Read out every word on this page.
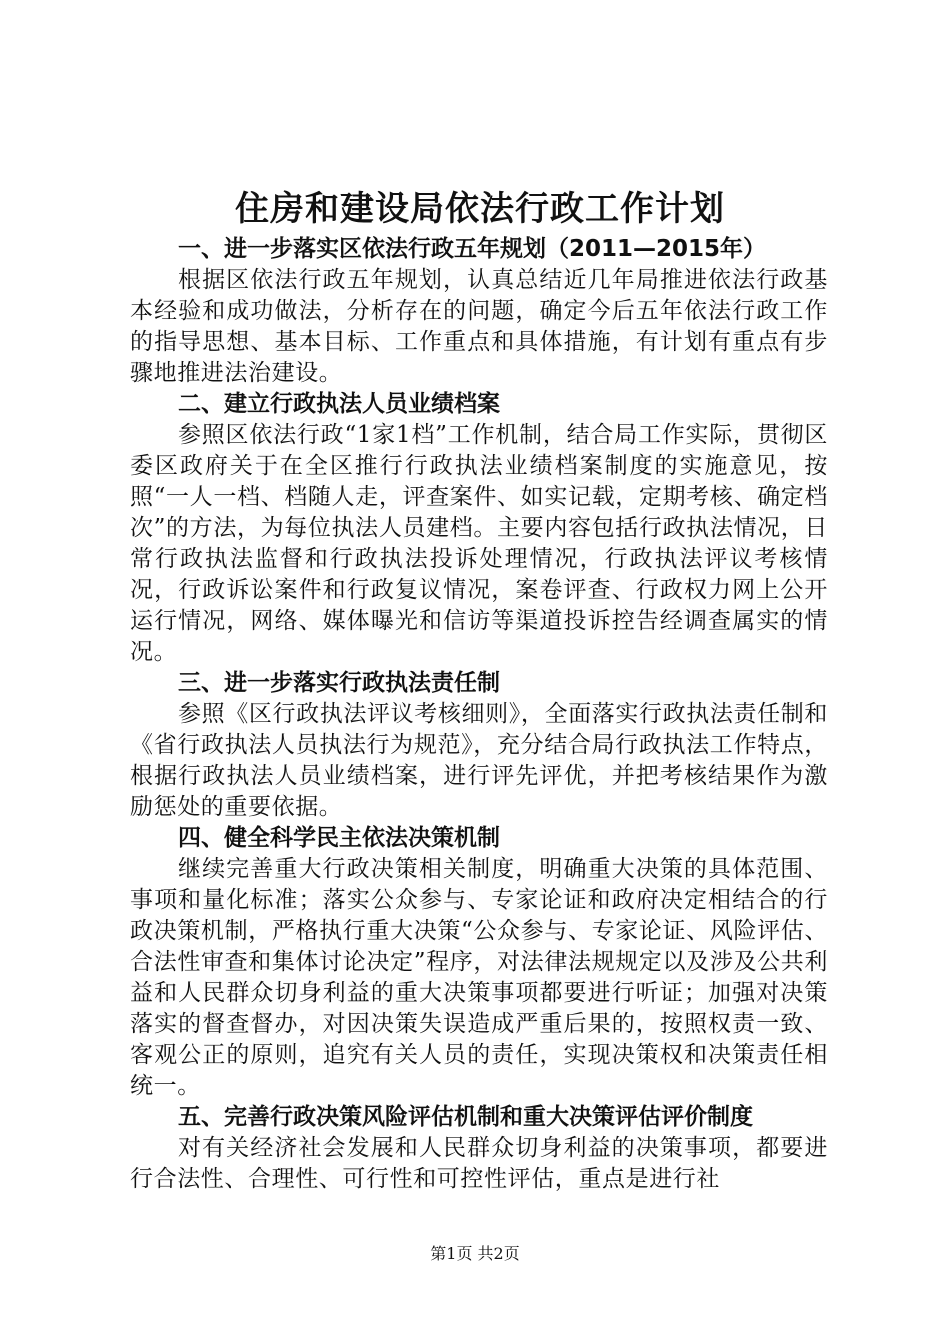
住房和建设局依法行政工作计划

一、进一步落实区依法行政五年规划（2011—2015年）

根据区依法行政五年规划，认真总结近几年局推进依法行政基本经验和成功做法，分析存在的问题，确定今后五年依法行政工作的指导思想、基本目标、工作重点和具体措施，有计划有重点有步骤地推进法治建设。

二、建立行政执法人员业绩档案

参照区依法行政“1家1档”工作机制，结合局工作实际，贯彻区委区政府关于在全区推行行政执法业绩档案制度的实施意见，按照“一人一档、档随人走，评查案件、如实记载，定期考核、确定档次”的方法，为每位执法人员建档。主要内容包括行政执法情况，日常行政执法监督和行政执法投诉处理情况，行政执法评议考核情况，行政诉讼案件和行政复议情况，案卷评查、行政权力网上公开运行情况，网络、媒体曝光和信访等渠道投诉控告经调查属实的情况。

三、进一步落实行政执法责任制

参照《区行政执法评议考核细则》，全面落实行政执法责任制和《省行政执法人员执法行为规范》，充分结合局行政执法工作特点，根据行政执法人员业绩档案，进行评先评优，并把考核结果作为激励惩处的重要依据。

四、健全科学民主依法决策机制

继续完善重大行政决策相关制度，明确重大决策的具体范围、事项和量化标准；落实公众参与、专家论证和政府决定相结合的行政决策机制，严格执行重大决策“公众参与、专家论证、风险评估、合法性审查和集体讨论决定”程序，对法律法规规定以及涉及公共利益和人民群众切身利益的重大决策事项都要进行听证；加强对决策落实的督查督办，对因决策失误造成严重后果的，按照权责一致、客观公正的原则，追究有关人员的责任，实现决策权和决策责任相统一。

五、完善行政决策风险评估机制和重大决策评估评价制度

对有关经济社会发展和人民群众切身利益的决策事项，都要进行合法性、合理性、可行性和可控性评估，重点是进行社

第1页 共2页
